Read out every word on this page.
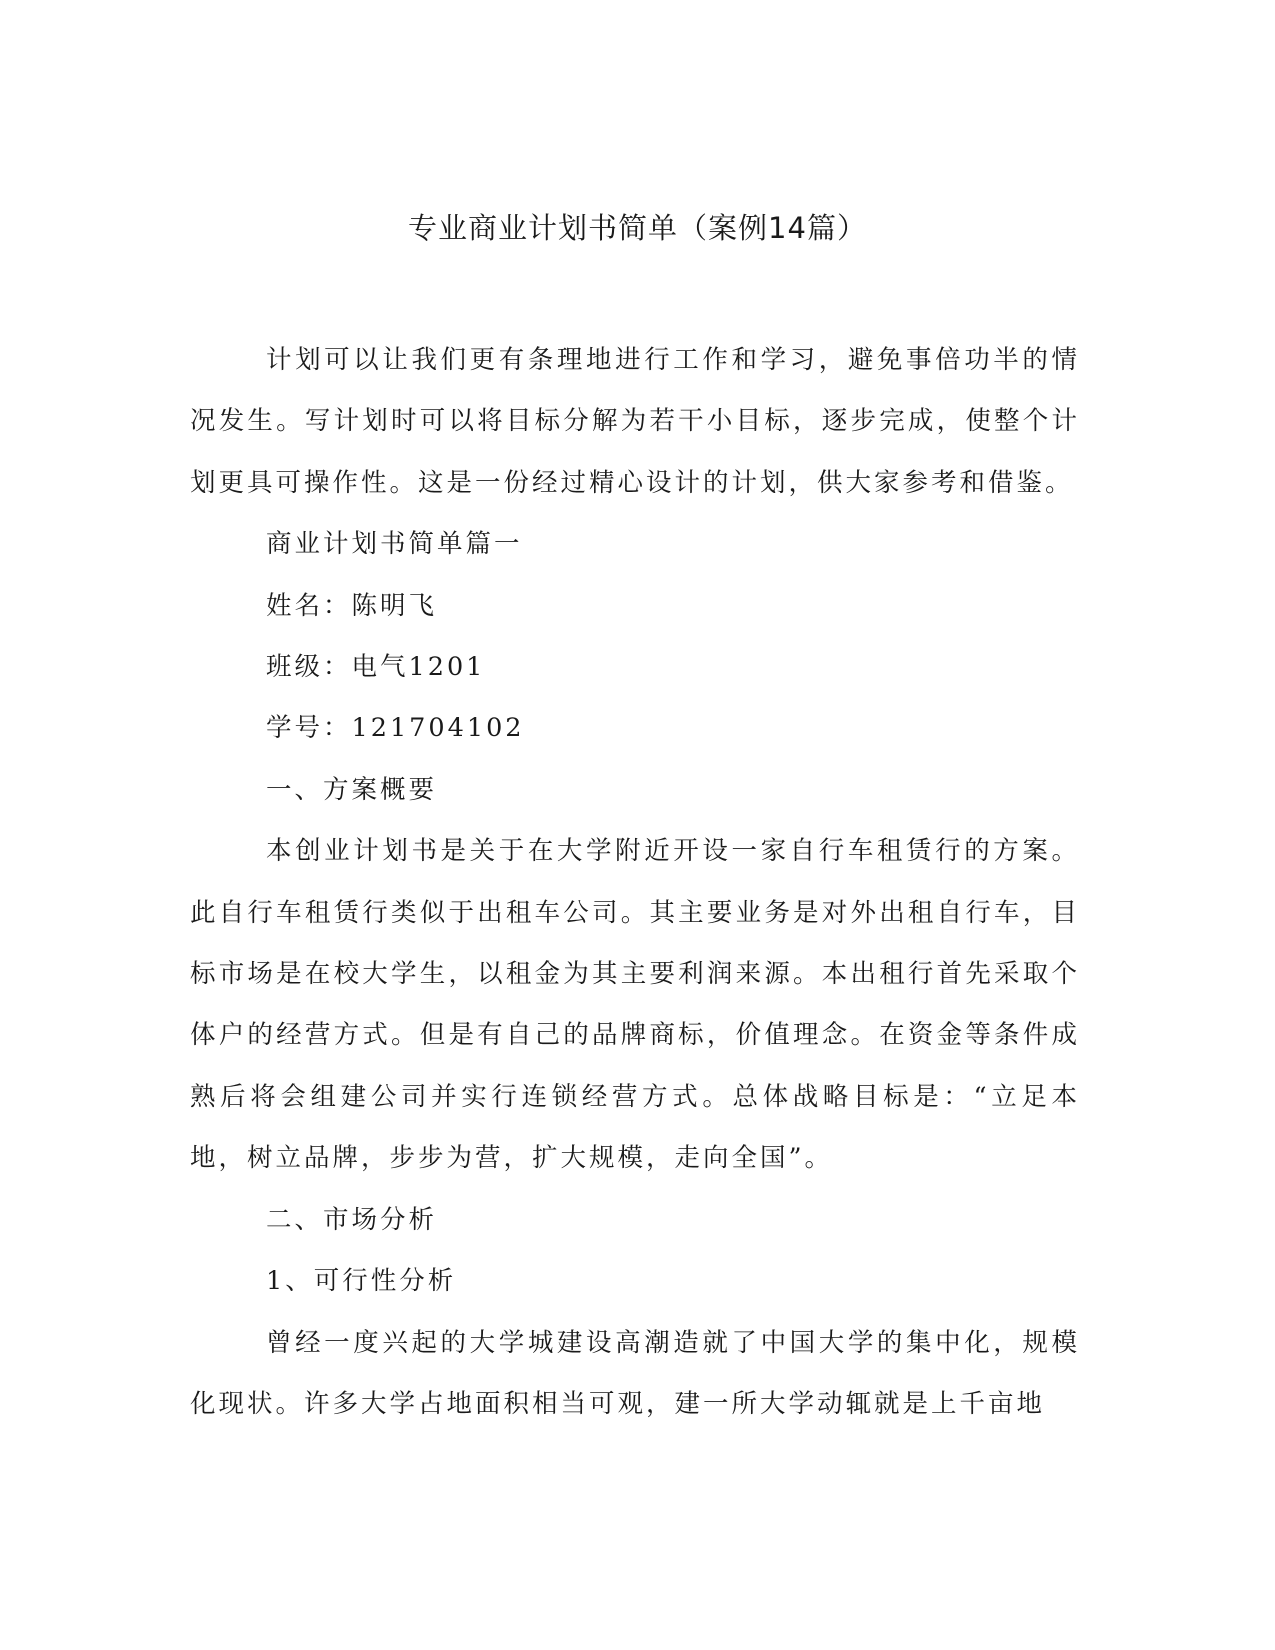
专业商业计划书简单（案例14篇）

计划可以让我们更有条理地进行工作和学习，避免事倍功半的情况发生。写计划时可以将目标分解为若干小目标，逐步完成，使整个计划更具可操作性。这是一份经过精心设计的计划，供大家参考和借鉴。

商业计划书简单篇一

姓名：陈明飞

班级：电气1201

学号：121704102

一、方案概要

本创业计划书是关于在大学附近开设一家自行车租赁行的方案。此自行车租赁行类似于出租车公司。其主要业务是对外出租自行车，目标市场是在校大学生，以租金为其主要利润来源。本出租行首先采取个体户的经营方式。但是有自己的品牌商标，价值理念。在资金等条件成熟后将会组建公司并实行连锁经营方式。总体战略目标是：“立足本地，树立品牌，步步为营，扩大规模，走向全国”。

二、市场分析

1、可行性分析

曾经一度兴起的大学城建设高潮造就了中国大学的集中化，规模化现状。许多大学占地面积相当可观，建一所大学动辄就是上千亩地
